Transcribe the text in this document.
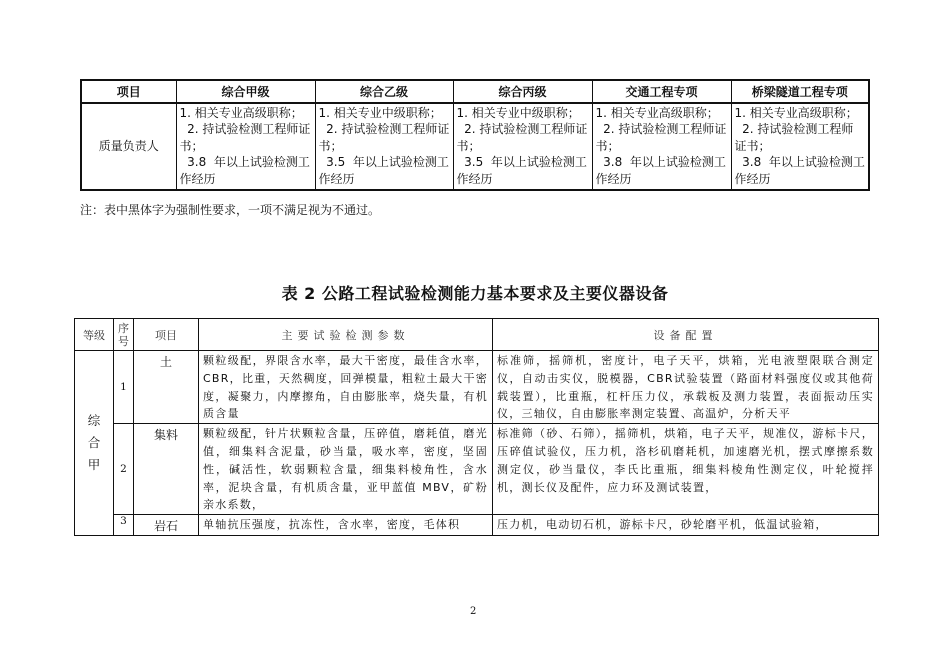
项目	综合甲级	综合乙级	综合丙级	交通工程专项	桥梁隧道工程专项
质量负责人	1. 相关专业高级职称；
2. 持试验检测工程师证书；
3.8  年以上试验检测工作经历	1. 相关专业中级职称；
2. 持试验检测工程师证书；
3.5  年以上试验检测工作经历	1. 相关专业中级职称；
2. 持试验检测工程师证书；
3.5  年以上试验检测工作经历	1. 相关专业高级职称；
2. 持试验检测工程师证书；
3.8  年以上试验检测工作经历	1. 相关专业高级职称；
2. 持试验检测工程师证书；
3.8  年以上试验检测工作经历
注：表中黑体字为强制性要求，一项不满足视为不通过。
表 2 公路工程试验检测能力基本要求及主要仪器设备
等级	序号	项目	主要试验检测参数	设备配置
综
合
甲	1	土	颗粒级配，界限含水率，最大干密度，最佳含水率，CBR，比重，天然稠度，回弹模量，粗粒土最大干密度，凝聚力，内摩擦角，自由膨胀率，烧失量，有机质含量	标准筛，摇筛机，密度计，电子天平，烘箱，光电液塑限联合测定仪，自动击实仪，脱模器，CBR试验装置（路面材料强度仪或其他荷载装置），比重瓶，杠杆压力仪，承载板及测力装置，表面振动压实仪，三轴仪，自由膨胀率测定装置、高温炉，分析天平
	2	集料	颗粒级配，针片状颗粒含量，压碎值，磨耗值，磨光值，细集料含泥量，砂当量，吸水率，密度，坚固性，碱活性，软弱颗粒含量，细集料棱角性，含水率，泥块含量，有机质含量，亚甲蓝值 MBV，矿粉亲水系数，	标准筛（砂、石筛），摇筛机，烘箱，电子天平，规准仪，游标卡尺，压碎值试验仪，压力机，洛杉矶磨耗机，加速磨光机，摆式摩擦系数测定仪，砂当量仪，李氏比重瓶，细集料棱角性测定仪，叶轮搅拌机，测长仪及配件，应力环及测试装置，
	3	岩石	单轴抗压强度，抗冻性，含水率，密度，毛体积	压力机，电动切石机，游标卡尺，砂轮磨平机，低温试验箱，
2
